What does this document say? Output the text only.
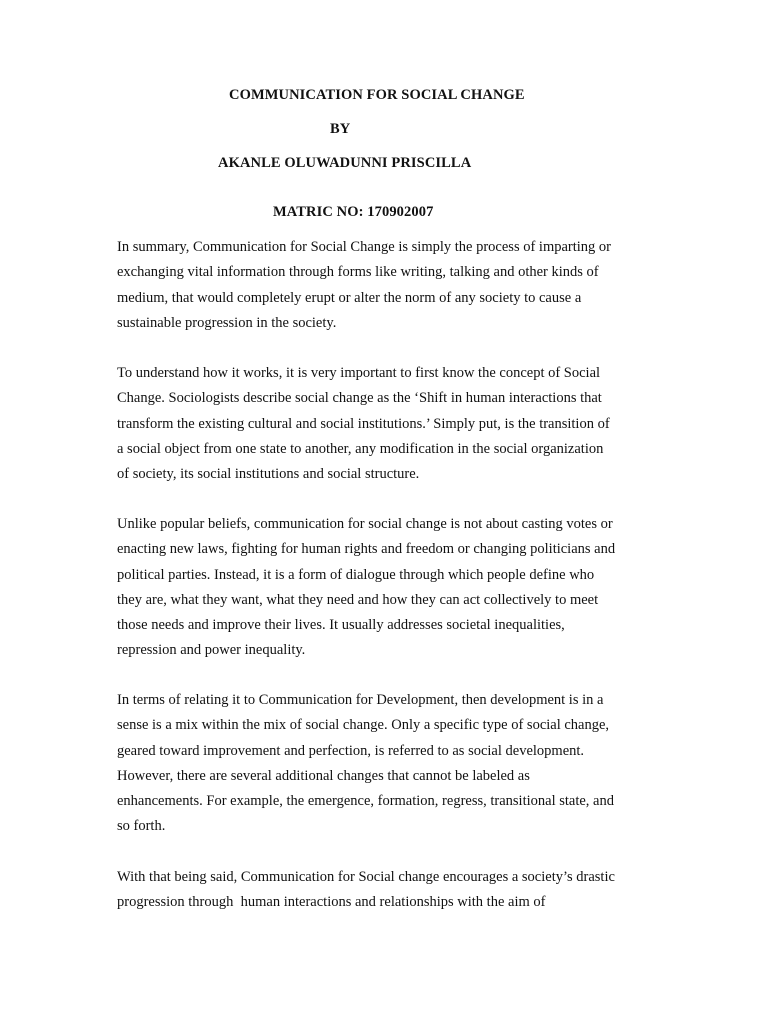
COMMUNICATION FOR SOCIAL CHANGE
BY
AKANLE OLUWADUNNI PRISCILLA
MATRIC NO: 170902007

In summary, Communication for Social Change is simply the process of imparting or
exchanging vital information through forms like writing, talking and other kinds of
medium, that would completely erupt or alter the norm of any society to cause a
sustainable progression in the society.

To understand how it works, it is very important to first know the concept of Social
Change. Sociologists describe social change as the ‘Shift in human interactions that
transform the existing cultural and social institutions.’ Simply put, is the transition of
a social object from one state to another, any modification in the social organization
of society, its social institutions and social structure.

Unlike popular beliefs, communication for social change is not about casting votes or
enacting new laws, fighting for human rights and freedom or changing politicians and
political parties. Instead, it is a form of dialogue through which people define who
they are, what they want, what they need and how they can act collectively to meet
those needs and improve their lives. It usually addresses societal inequalities,
repression and power inequality.

In terms of relating it to Communication for Development, then development is in a
sense is a mix within the mix of social change. Only a specific type of social change,
geared toward improvement and perfection, is referred to as social development.
However, there are several additional changes that cannot be labeled as
enhancements. For example, the emergence, formation, regress, transitional state, and
so forth.

With that being said, Communication for Social change encourages a society’s drastic
progression through  human interactions and relationships with the aim of
